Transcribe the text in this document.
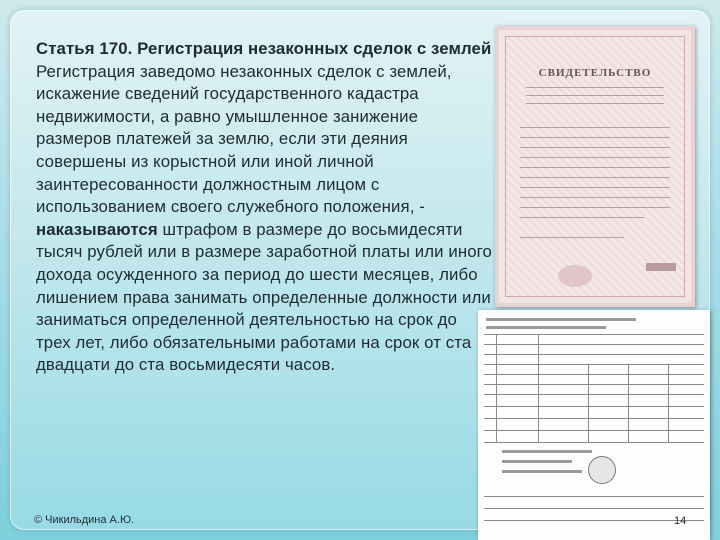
Статья 170. Регистрация незаконных сделок с землей
Регистрация заведомо незаконных сделок с землей, искажение сведений государственного кадастра недвижимости, а равно умышленное занижение размеров платежей за землю, если эти деяния совершены из корыстной или иной личной заинтересованности должностным лицом с использованием своего служебного положения, - наказываются штрафом в размере до восьмидесяти тысяч рублей или в размере заработной платы или иного дохода осужденного за период до шести месяцев, либо лишением права занимать определенные должности или заниматься определенной деятельностью на срок до трех лет, либо обязательными работами на срок от ста двадцати до ста восьмидесяти часов.
СВИДЕТЕЛЬСТВО
© Чикильдина А.Ю.	14
